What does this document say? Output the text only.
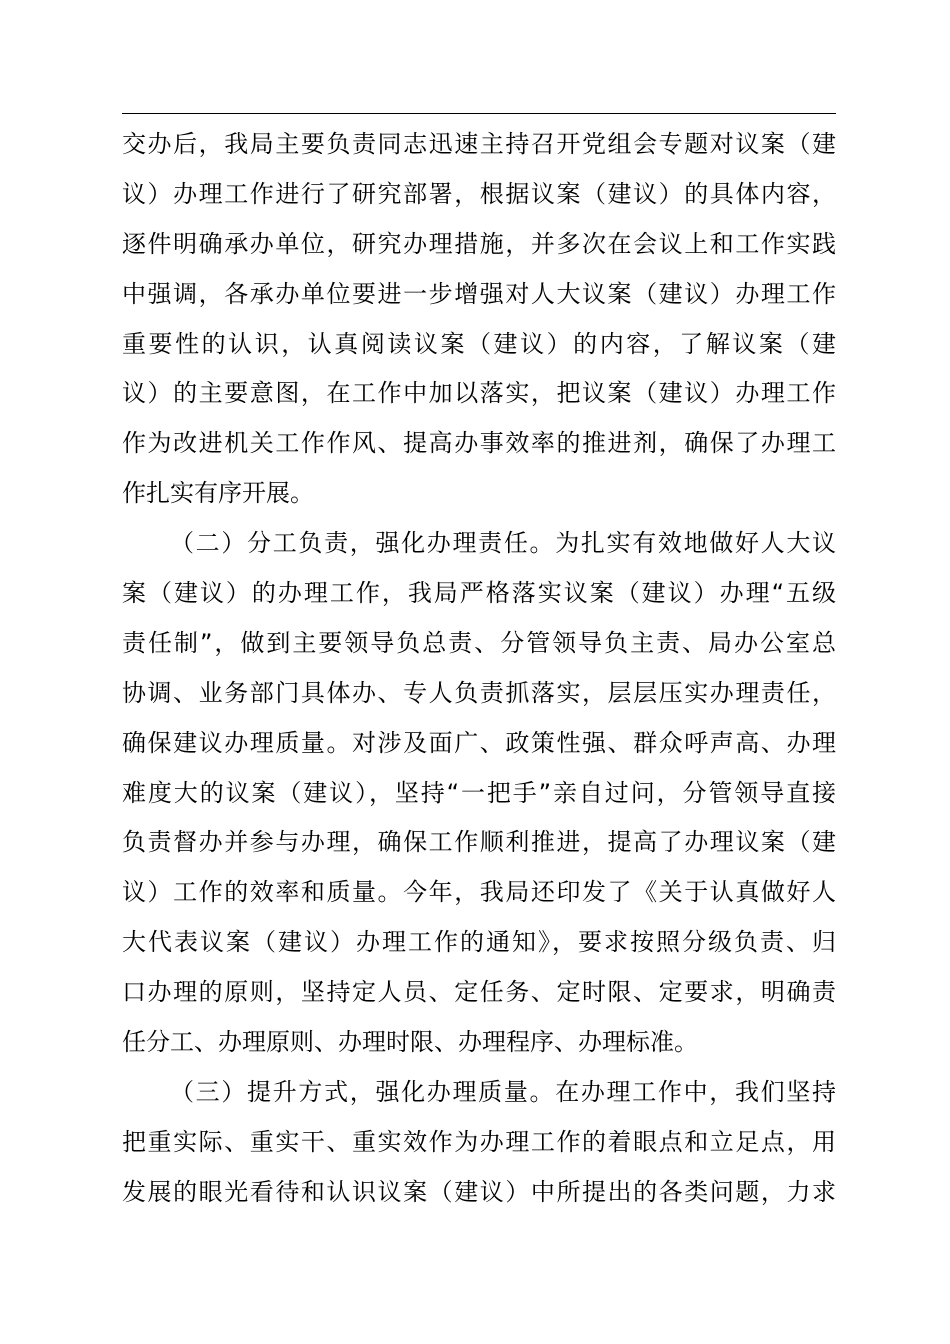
交办后，我局主要负责同志迅速主持召开党组会专题对议案（建
议）办理工作进行了研究部署，根据议案（建议）的具体内容，
逐件明确承办单位，研究办理措施，并多次在会议上和工作实践
中强调，各承办单位要进一步增强对人大议案（建议）办理工作
重要性的认识，认真阅读议案（建议）的内容，了解议案（建
议）的主要意图，在工作中加以落实，把议案（建议）办理工作
作为改进机关工作作风、提高办事效率的推进剂，确保了办理工
作扎实有序开展。
（二）分工负责，强化办理责任。为扎实有效地做好人大议
案（建议）的办理工作，我局严格落实议案（建议）办理“五级
责任制”，做到主要领导负总责、分管领导负主责、局办公室总
协调、业务部门具体办、专人负责抓落实，层层压实办理责任，
确保建议办理质量。对涉及面广、政策性强、群众呼声高、办理
难度大的议案（建议），坚持“一把手”亲自过问，分管领导直接
负责督办并参与办理，确保工作顺利推进，提高了办理议案（建
议）工作的效率和质量。今年，我局还印发了《关于认真做好人
大代表议案（建议）办理工作的通知》，要求按照分级负责、归
口办理的原则，坚持定人员、定任务、定时限、定要求，明确责
任分工、办理原则、办理时限、办理程序、办理标准。
（三）提升方式，强化办理质量。在办理工作中，我们坚持
把重实际、重实干、重实效作为办理工作的着眼点和立足点，用
发展的眼光看待和认识议案（建议）中所提出的各类问题，力求
